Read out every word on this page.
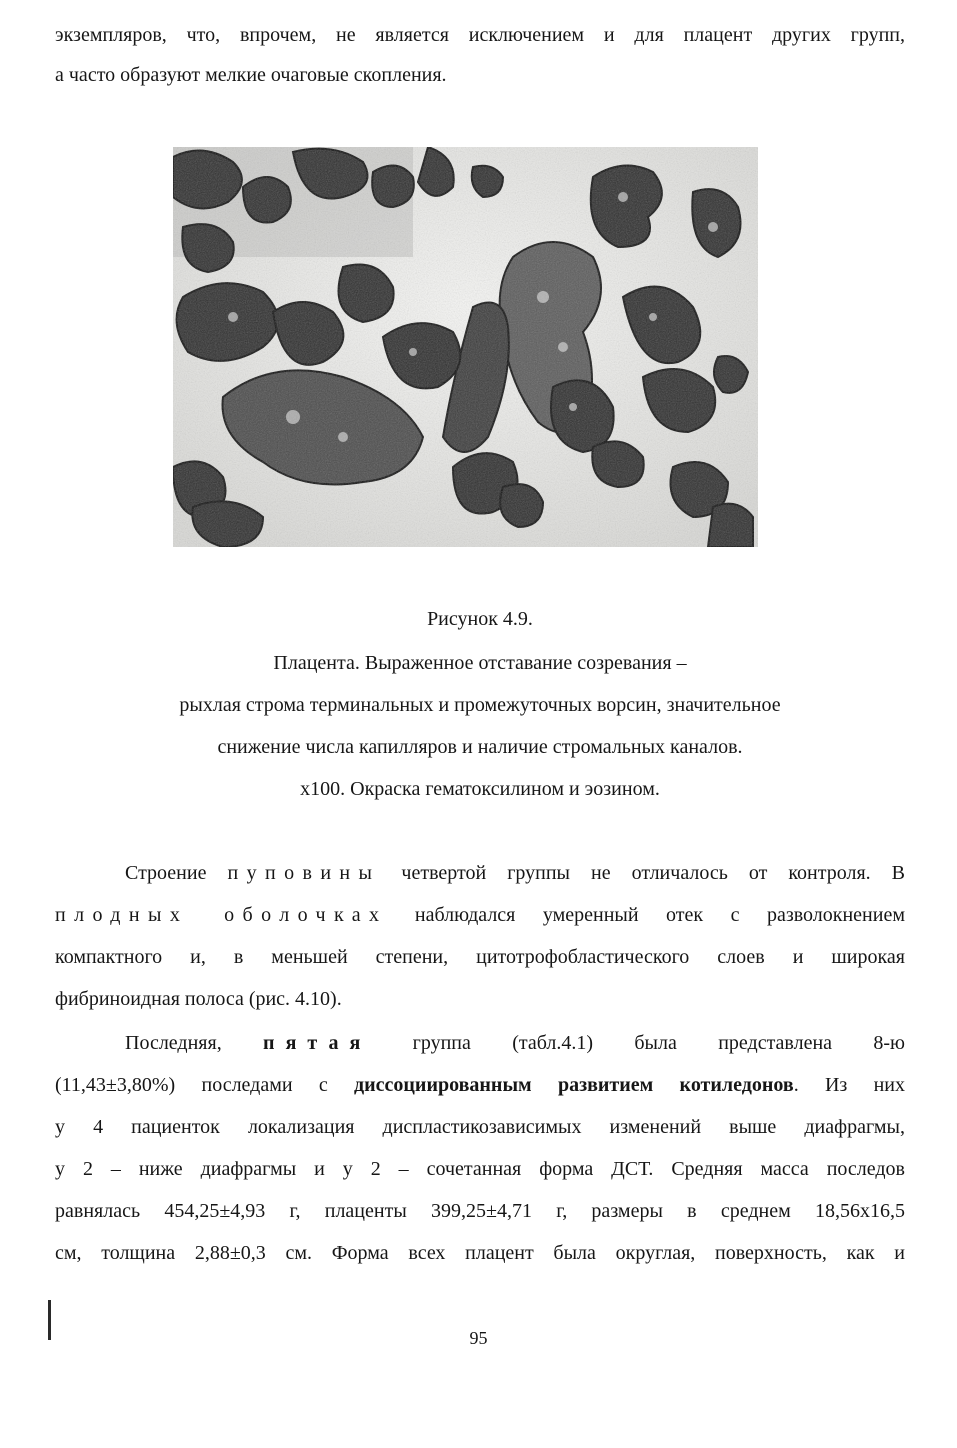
экземпляров, что, впрочем, не является исключением и для плацент других групп,
а часто образуют мелкие очаговые скопления.
Рисунок 4.9.
Плацента. Выраженное отставание созревания –
рыхлая строма терминальных и промежуточных ворсин, значительное
снижение числа капилляров и наличие стромальных каналов.
х100. Окраска гематоксилином и эозином.
Строение пуповины четвертой группы не отличалось от контроля. В
плодных оболочках наблюдался умеренный отек с разволокнением
компактного и, в меньшей степени, цитотрофобластического слоев и широкая
фибриноидная полоса (рис. 4.10).
Последняя, пятая группа (табл.4.1) была представлена 8-ю
(11,43±3,80%) последами с диссоциированным развитием котиледонов. Из них
у 4 пациенток локализация диспластикозависимых изменений выше диафрагмы,
у 2 – ниже диафрагмы и у 2 – сочетанная форма ДСТ. Средняя масса последов
равнялась 454,25±4,93 г, плаценты 399,25±4,71 г, размеры в среднем 18,56х16,5
см, толщина 2,88±0,3 см. Форма всех плацент была округлая, поверхность, как и
95
